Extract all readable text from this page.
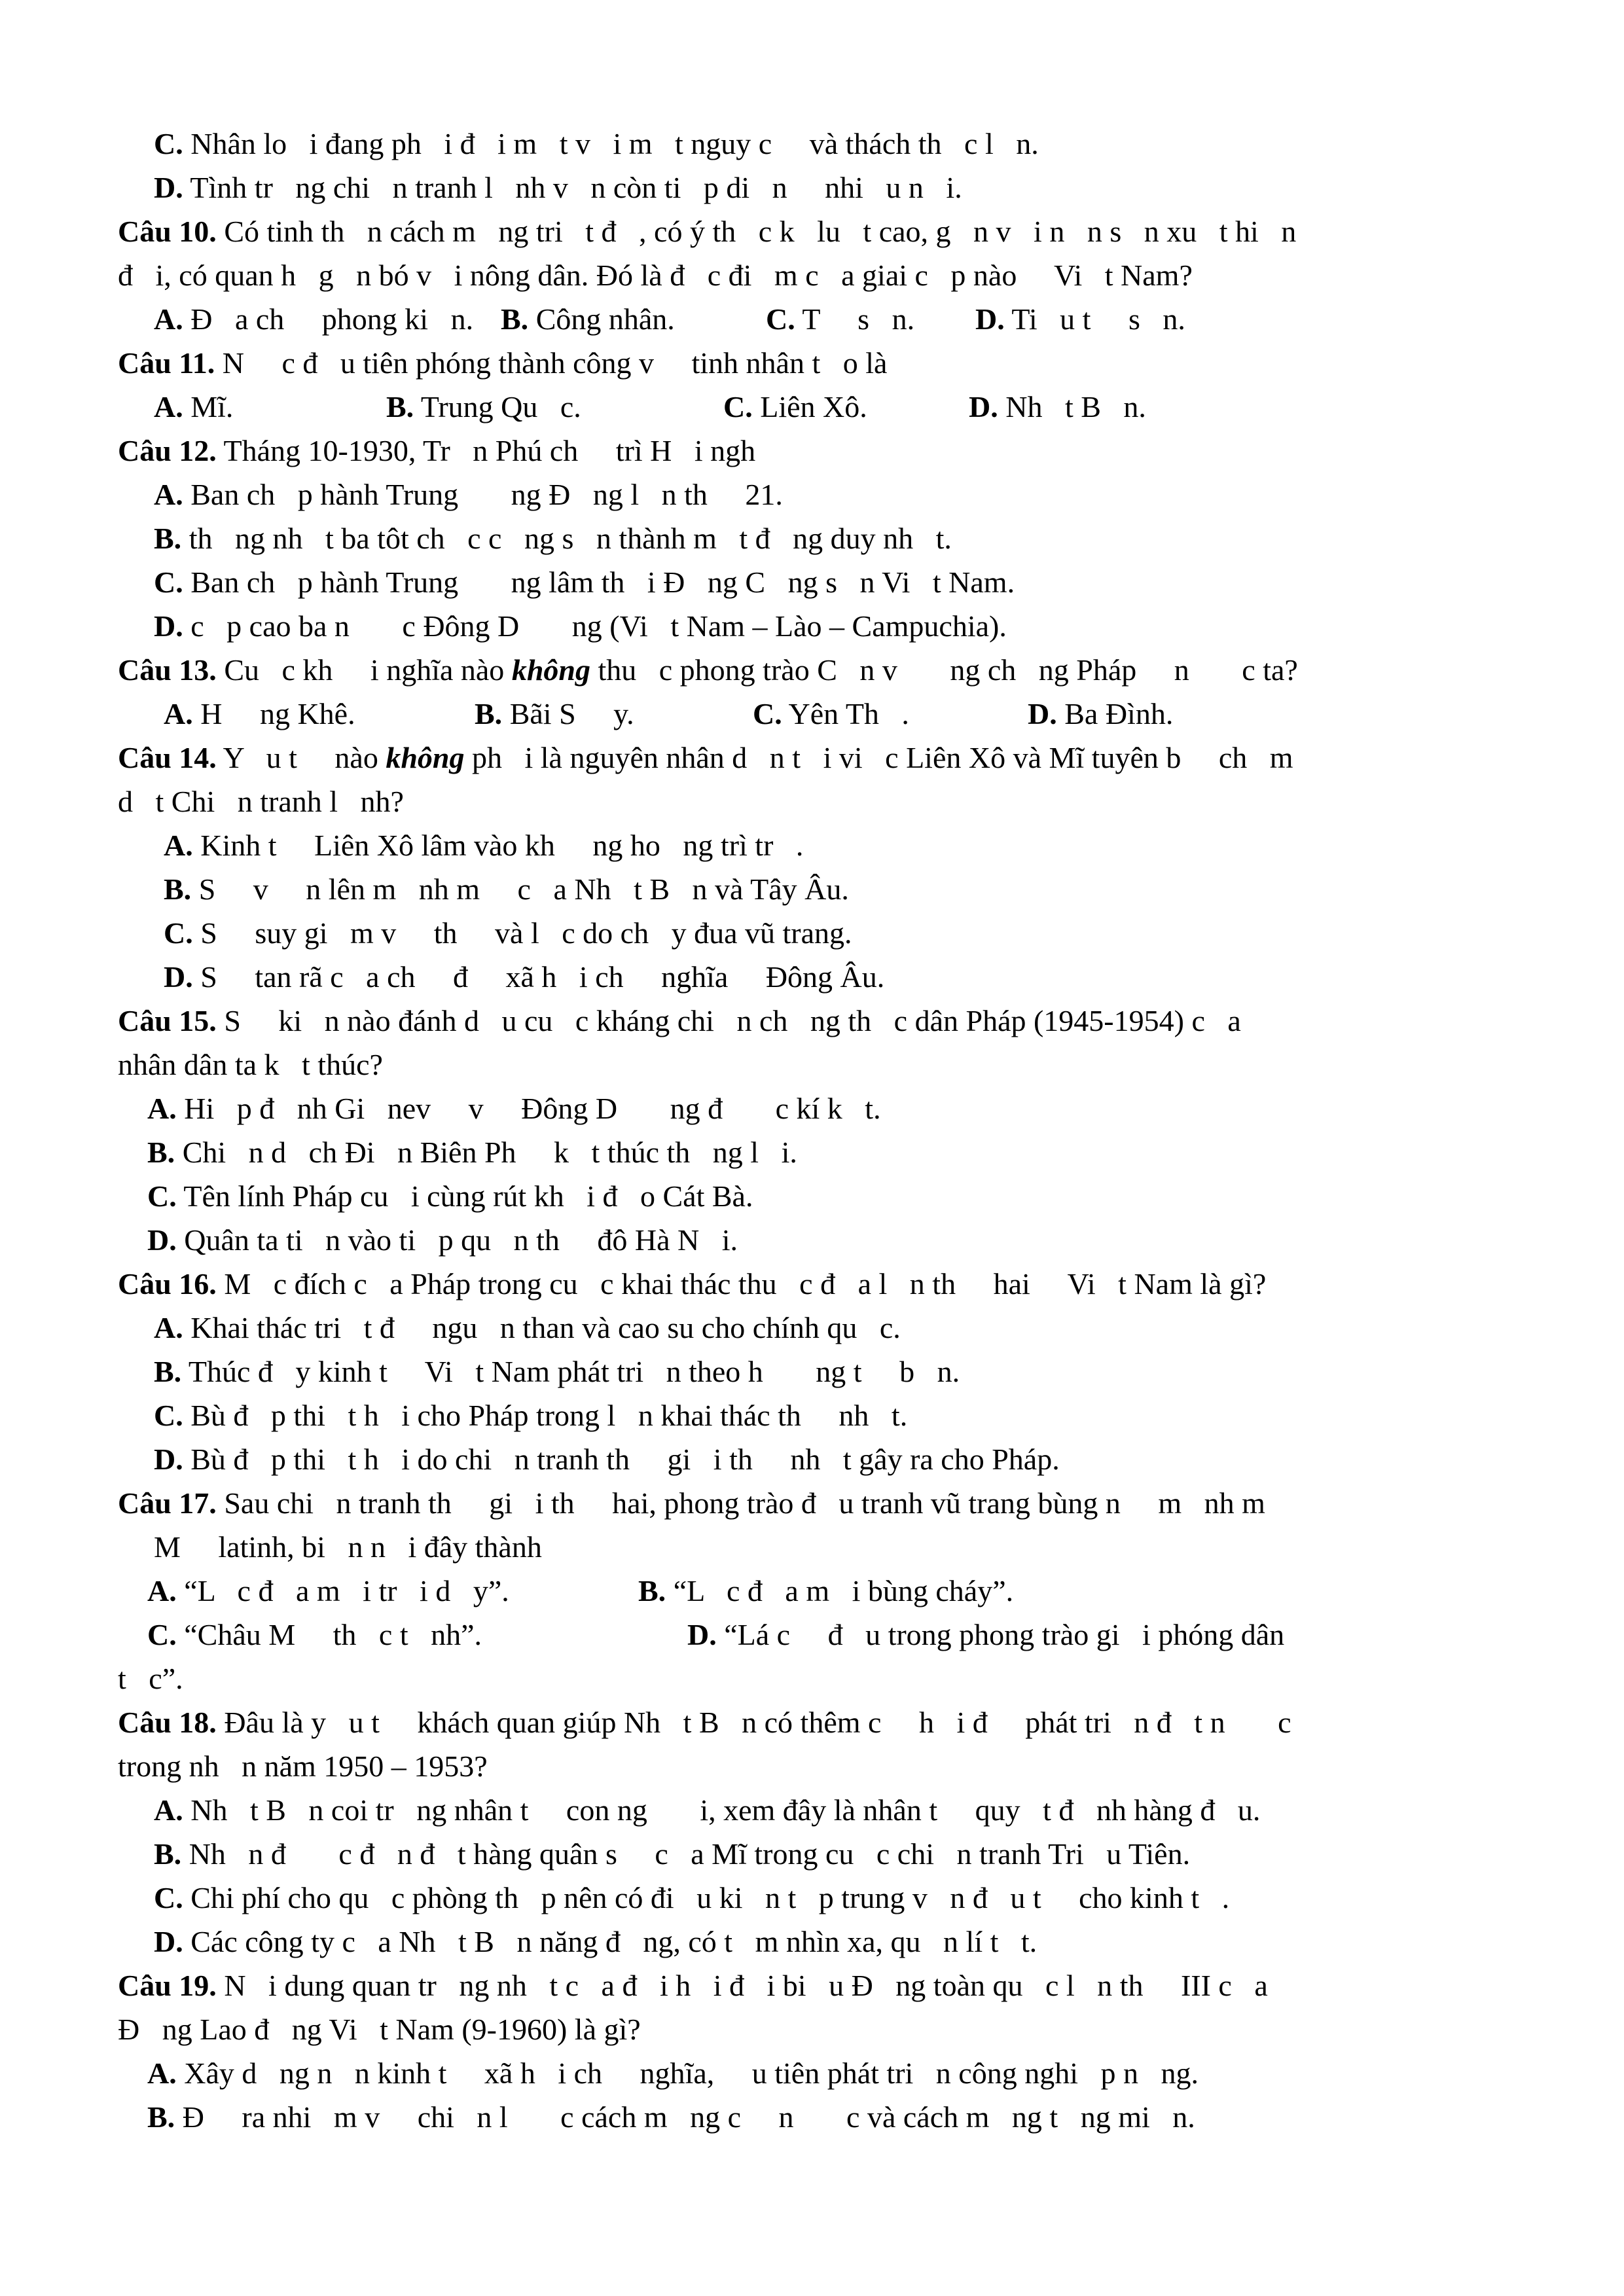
C. Nhân lo   i đang ph   i đ   i m   t v   i m   t nguy c     và thách th   c l   n.
D. Tình tr   ng chi   n tranh l   nh v   n còn ti   p di   n     nhi   u n   i.
Câu 10. Có tinh th   n cách m   ng tri   t đ   , có ý th   c k   lu   t cao, g   n v   i n   n s   n xu   t hi   n
đ   i, có quan h   g   n bó v   i nông dân. Đó là đ   c đi   m c   a giai c   p nào     Vi   t Nam?
A. Đ   a ch     phong ki   n. B. Công nhân.	C. T     s   n. D. Ti   u t     s   n.
Câu 11. N     c đ   u tiên phóng thành công v     tinh nhân t   o là
A. Mĩ.	B. Trung Qu   c.	C. Liên Xô.	D. Nh   t B   n.
Câu 12. Tháng 10-1930, Tr   n Phú ch     trì H   i ngh
A. Ban ch   p hành Trung       ng Đ   ng l   n th     21.
B. th   ng nh   t ba tôt ch   c c   ng s   n thành m   t đ   ng duy nh   t.
C. Ban ch   p hành Trung       ng lâm th   i Đ   ng C   ng s   n Vi   t Nam.
D. c   p cao ba n       c Đông D       ng (Vi   t Nam – Lào – Campuchia).
Câu 13. Cu   c kh     i nghĩa nào không thu   c phong trào C   n v       ng ch   ng Pháp     n       c ta?
A. H     ng Khê.	B. Bãi S     y.	C. Yên Th   .	D. Ba Đình.
Câu 14. Y   u t     nào không ph   i là nguyên nhân d   n t   i vi   c Liên Xô và Mĩ tuyên b     ch   m
d   t Chi   n tranh l   nh?
A. Kinh t     Liên Xô lâm vào kh     ng ho   ng trì tr   .
B. S     v     n lên m   nh m     c   a Nh   t B   n và Tây Âu.
C. S     suy gi   m v     th     và l   c do ch   y đua vũ trang.
D. S     tan rã c   a ch     đ     xã h   i ch     nghĩa     Đông Âu.
Câu 15. S     ki   n nào đánh d   u cu   c kháng chi   n ch   ng th   c dân Pháp (1945-1954) c   a
nhân dân ta k   t thúc?
A. Hi   p đ   nh Gi   nev     v     Đông D       ng đ       c kí k   t.
B. Chi   n d   ch Đi   n Biên Ph     k   t thúc th   ng l   i.
C. Tên lính Pháp cu   i cùng rút kh   i đ   o Cát Bà.
D. Quân ta ti   n vào ti   p qu   n th     đô Hà N   i.
Câu 16. M   c đích c   a Pháp trong cu   c khai thác thu   c đ   a l   n th     hai     Vi   t Nam là gì?
A. Khai thác tri   t đ     ngu   n than và cao su cho chính qu   c.
B. Thúc đ   y kinh t     Vi   t Nam phát tri   n theo h       ng t     b   n.
C. Bù đ   p thi   t h   i cho Pháp trong l   n khai thác th     nh   t.
D. Bù đ   p thi   t h   i do chi   n tranh th     gi   i th     nh   t gây ra cho Pháp.
Câu 17. Sau chi   n tranh th     gi   i th     hai, phong trào đ   u tranh vũ trang bùng n     m   nh m
M     latinh, bi   n n   i đây thành
A. “L   c đ   a m   i tr   i d   y”.	B. “L   c đ   a m   i bùng cháy”.
C. “Châu M     th   c t   nh”.	D. “Lá c     đ   u trong phong trào gi   i phóng dân
t   c”.
Câu 18. Đâu là y   u t     khách quan giúp Nh   t B   n có thêm c     h   i đ     phát tri   n đ   t n       c
trong nh   n năm 1950 – 1953?
A. Nh   t B   n coi tr   ng nhân t     con ng       i, xem đây là nhân t     quy   t đ   nh hàng đ   u.
B. Nh   n đ       c đ   n đ   t hàng quân s     c   a Mĩ trong cu   c chi   n tranh Tri   u Tiên.
C. Chi phí cho qu   c phòng th   p nên có đi   u ki   n t   p trung v   n đ   u t     cho kinh t   .
D. Các công ty c   a Nh   t B   n năng đ   ng, có t   m nhìn xa, qu   n lí t   t.
Câu 19. N   i dung quan tr   ng nh   t c   a đ   i h   i đ   i bi   u Đ   ng toàn qu   c l   n th     III c   a
Đ   ng Lao đ   ng Vi   t Nam (9-1960) là gì?
A. Xây d   ng n   n kinh t     xã h   i ch     nghĩa,     u tiên phát tri   n công nghi   p n   ng.
B. Đ     ra nhi   m v     chi   n l       c cách m   ng c     n       c và cách m   ng t   ng mi   n.
